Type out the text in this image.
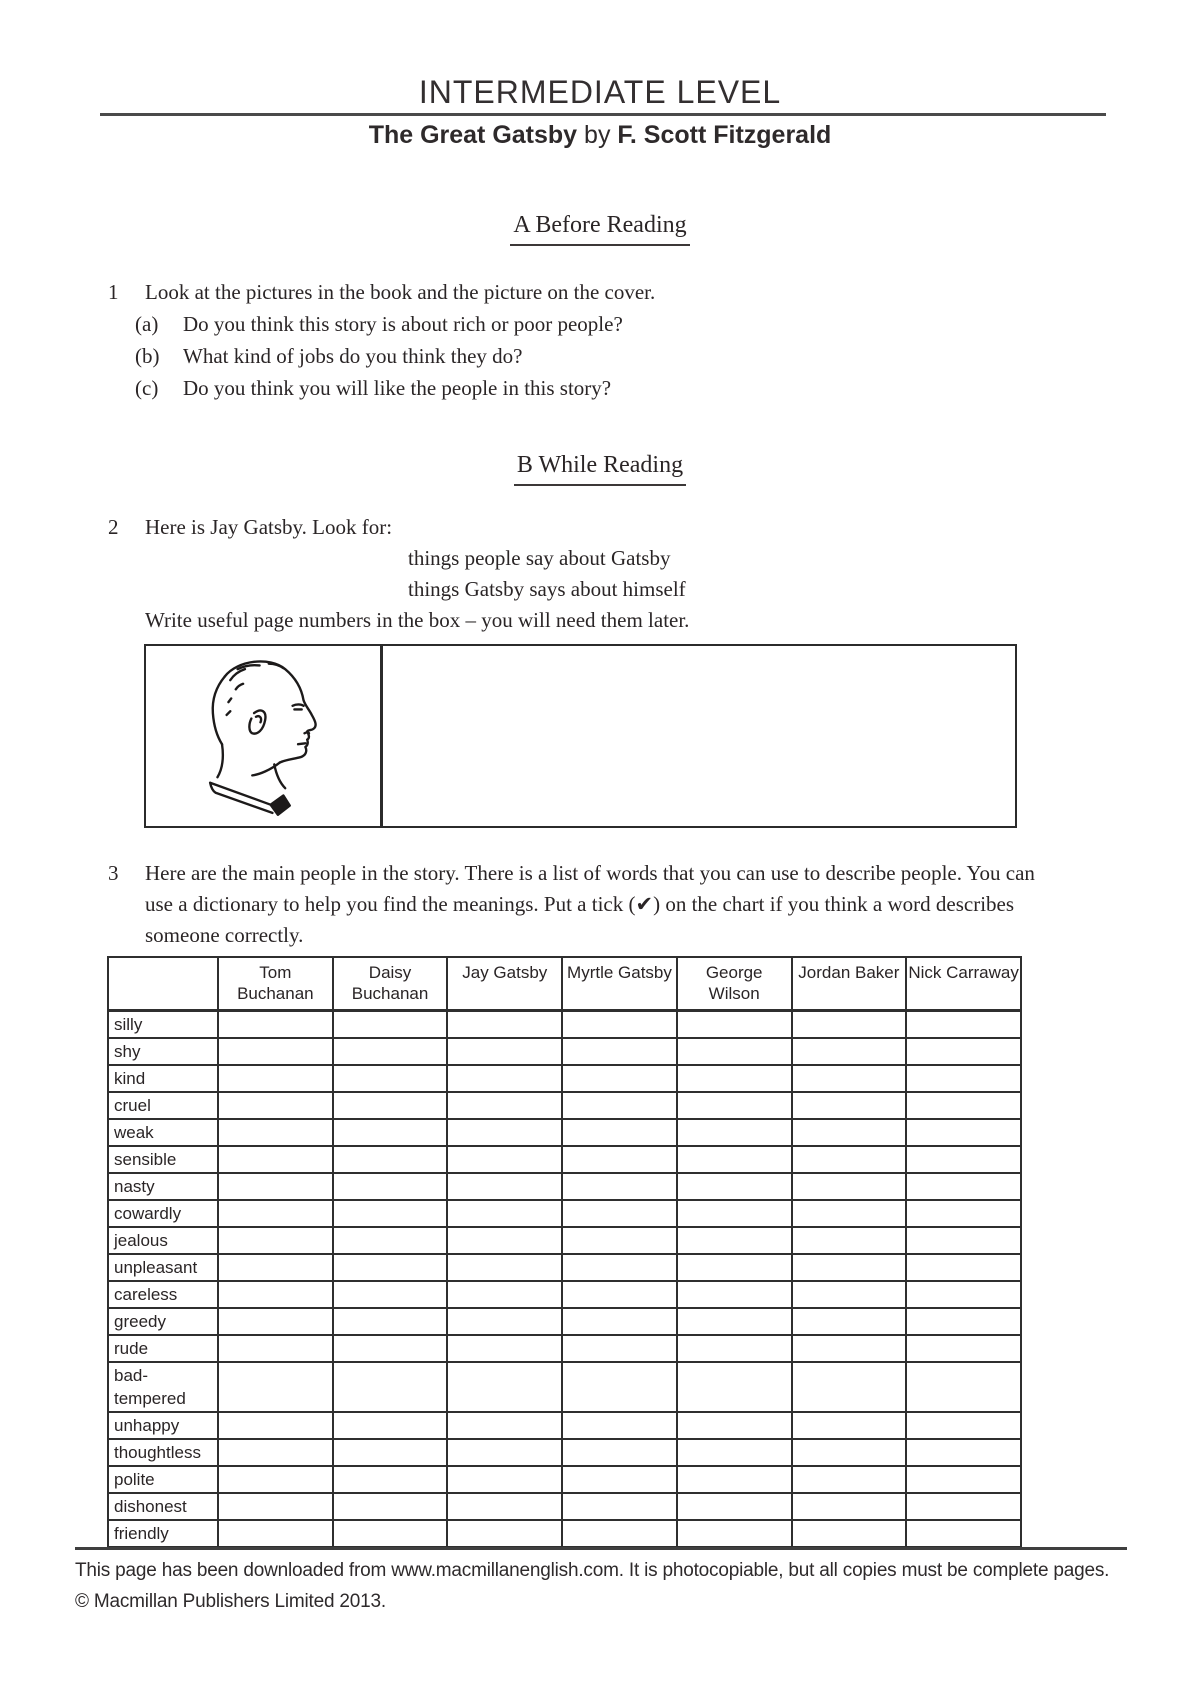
INTERMEDIATE LEVEL
The Great Gatsby by F. Scott Fitzgerald
A Before Reading
1	Look at the pictures in the book and the picture on the cover.
(a)	Do you think this story is about rich or poor people?
(b)	What kind of jobs do you think they do?
(c)	Do you think you will like the people in this story?
B While Reading
2	Here is Jay Gatsby. Look for:
things people say about Gatsby
things Gatsby says about himself
Write useful page numbers in the box – you will need them later.
3	Here are the main people in the story. There is a list of words that you can use to describe people. You can use a dictionary to help you find the meanings. Put a tick (✔) on the chart if you think a word describes someone correctly.
	Tom Buchanan	Daisy Buchanan	Jay Gatsby	Myrtle Gatsby	George Wilson	Jordan Baker	Nick Carraway
silly							
shy							
kind							
cruel							
weak							
sensible							
nasty							
cowardly							
jealous							
unpleasant							
careless							
greedy							
rude							
bad-tempered							
unhappy							
thoughtless							
polite							
dishonest							
friendly							
This page has been downloaded from www.macmillanenglish.com. It is photocopiable, but all copies must be complete pages.
© Macmillan Publishers Limited 2013.
